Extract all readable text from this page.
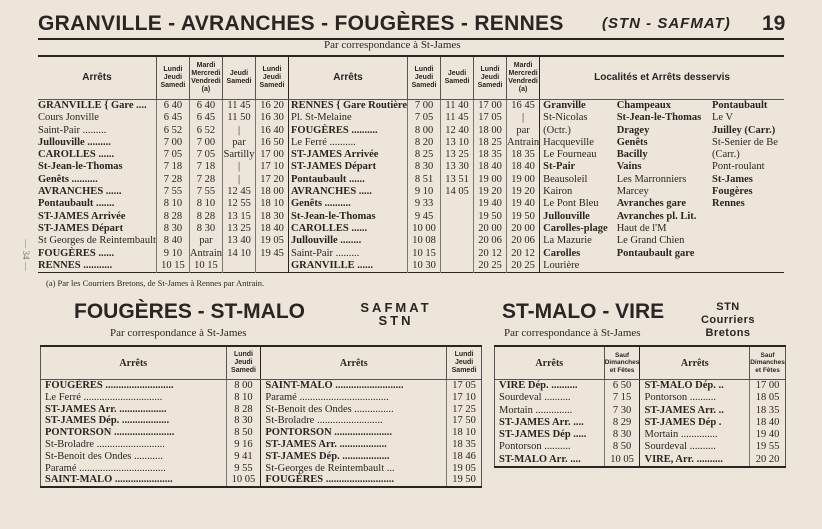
— 34 —
GRANVILLE - AVRANCHES - FOUGÈRES - RENNES	(STN - SAFMAT) 19
Par correspondance à St-James
Arrêts	Lundi Jeudi Samedi	Mardi Mercredi Vendredi (a)	Jeudi Samedi	Lundi Jeudi Samedi	Arrêts	Lundi Jeudi Samedi	Jeudi Samedi	Lundi Jeudi Samedi	Mardi Mercredi Vendredi (a)	Localités et Arrêts desservis		
GRANVILLE { Gare ....	6 40	6 40	11 45	16 20	RENNES { Gare Routière	7 00	11 40	17 00	16 45	Granville	Champeaux	Pontaubault
Cours Jonville	6 45	6 45	11 50	16 30	Pl. St-Melaine	7 05	11 45	17 05	|	St-Nicolas	St-Jean-le-Thomas	Le V
Saint-Pair .........	6 52	6 52	|	16 40	FOUGÈRES ..........	8 00	12 40	18 00	par	(Octr.)	Dragey	Juilley (Carr.)
Jullouville .........	7 00	7 00	par	16 50	Le Ferré ..........	8 20	13 10	18 25	Antrain	Hacqueville	Genêts	St-Senier de Be
CAROLLES ......	7 05	7 05	Sartilly	17 00	ST-JAMES Arrivée	8 25	13 25	18 35	18 35	Le Fourneau	Bacilly	(Carr.)
St-Jean-le-Thomas	7 18	7 18	|	17 10	ST-JAMES Départ	8 30	13 30	18 40	18 40	St-Pair	Vains	Pont-roulant
Genêts ..........	7 28	7 28	|	17 20	Pontaubault ......	8 51	13 51	19 00	19 00	Beausoleil	Les Marronniers	St-James
AVRANCHES ......	7 55	7 55	12 45	18 00	AVRANCHES .....	9 10	14 05	19 20	19 20	Kairon	Marcey	Fougères
Pontaubault .......	8 10	8 10	12 55	18 10	Genêts ..........	9 33		19 40	19 40	Le Pont Bleu	Avranches gare	Rennes
ST-JAMES Arrivée	8 28	8 28	13 15	18 30	St-Jean-le-Thomas	9 45		19 50	19 50	Jullouville	Avranches pl. Lit.	
ST-JAMES Départ	8 30	8 30	13 25	18 40	CAROLLES ......	10 00		20 00	20 00	Carolles-plage	Haut de l'M	
St Georges de Reintembault	8 40	par	13 40	19 05	Jullouville ........	10 08		20 06	20 06	La Mazurie	Le Grand Chien	
FOUGÈRES ......	9 10	Antrain	14 10	19 45	Saint-Pair .........	10 15		20 12	20 12	Carolles	Pontaubault gare	
RENNES ...........	10 15	10 15			GRANVILLE ......	10 30		20 25	20 25	Lourière		
(a) Par les Courriers Bretons, de St-James à Rennes par Antrain.
FOUGÈRES - ST-MALO	SAFMAT
STN
Par correspondance à St-James
Arrêts	Lundi Jeudi Samedi	Arrêts	Lundi Jeudi Samedi
FOUGÈRES ..........................	8 00	SAINT-MALO ..........................	17 05
Le Ferré ..............................	8 10	Paramé ..................................	17 10
ST-JAMES Arr. ..................	8 28	St-Benoit des Ondes ...............	17 25
ST-JAMES Dép. ..................	8 30	St-Broladre .........................	17 50
PONTORSON .......................	8 50	PONTORSON ......................	18 10
St-Broladre ..........................	9 16	ST-JAMES Arr. ..................	18 35
St-Benoit des Ondes ...........	9 41	ST-JAMES Dép. ..................	18 46
Paramé .................................	9 55	St-Georges de Reintembault ...	19 05
SAINT-MALO ......................	10 05	FOUGÈRES ..........................	19 50
ST-MALO - VIRE	STN
Courriers Bretons
Par correspondance à St-James
Arrêts	Sauf Dimanches et Fêtes	Arrêts	Sauf Dimanches et Fêtes
VIRE Dép. ..........	6 50	ST-MALO Dép. ..	17 00
Sourdeval ..........	7 15	Pontorson ..........	18 05
Mortain ..............	7 30	ST-JAMES Arr. ..	18 35
ST-JAMES Arr. ....	8 29	ST-JAMES Dép .	18 40
ST-JAMES Dép .....	8 30	Mortain ..............	19 40
Pontorson ..........	8 50	Sourdeval ..........	19 55
ST-MALO Arr. ....	10 05	VIRE, Arr. ..........	20 20
